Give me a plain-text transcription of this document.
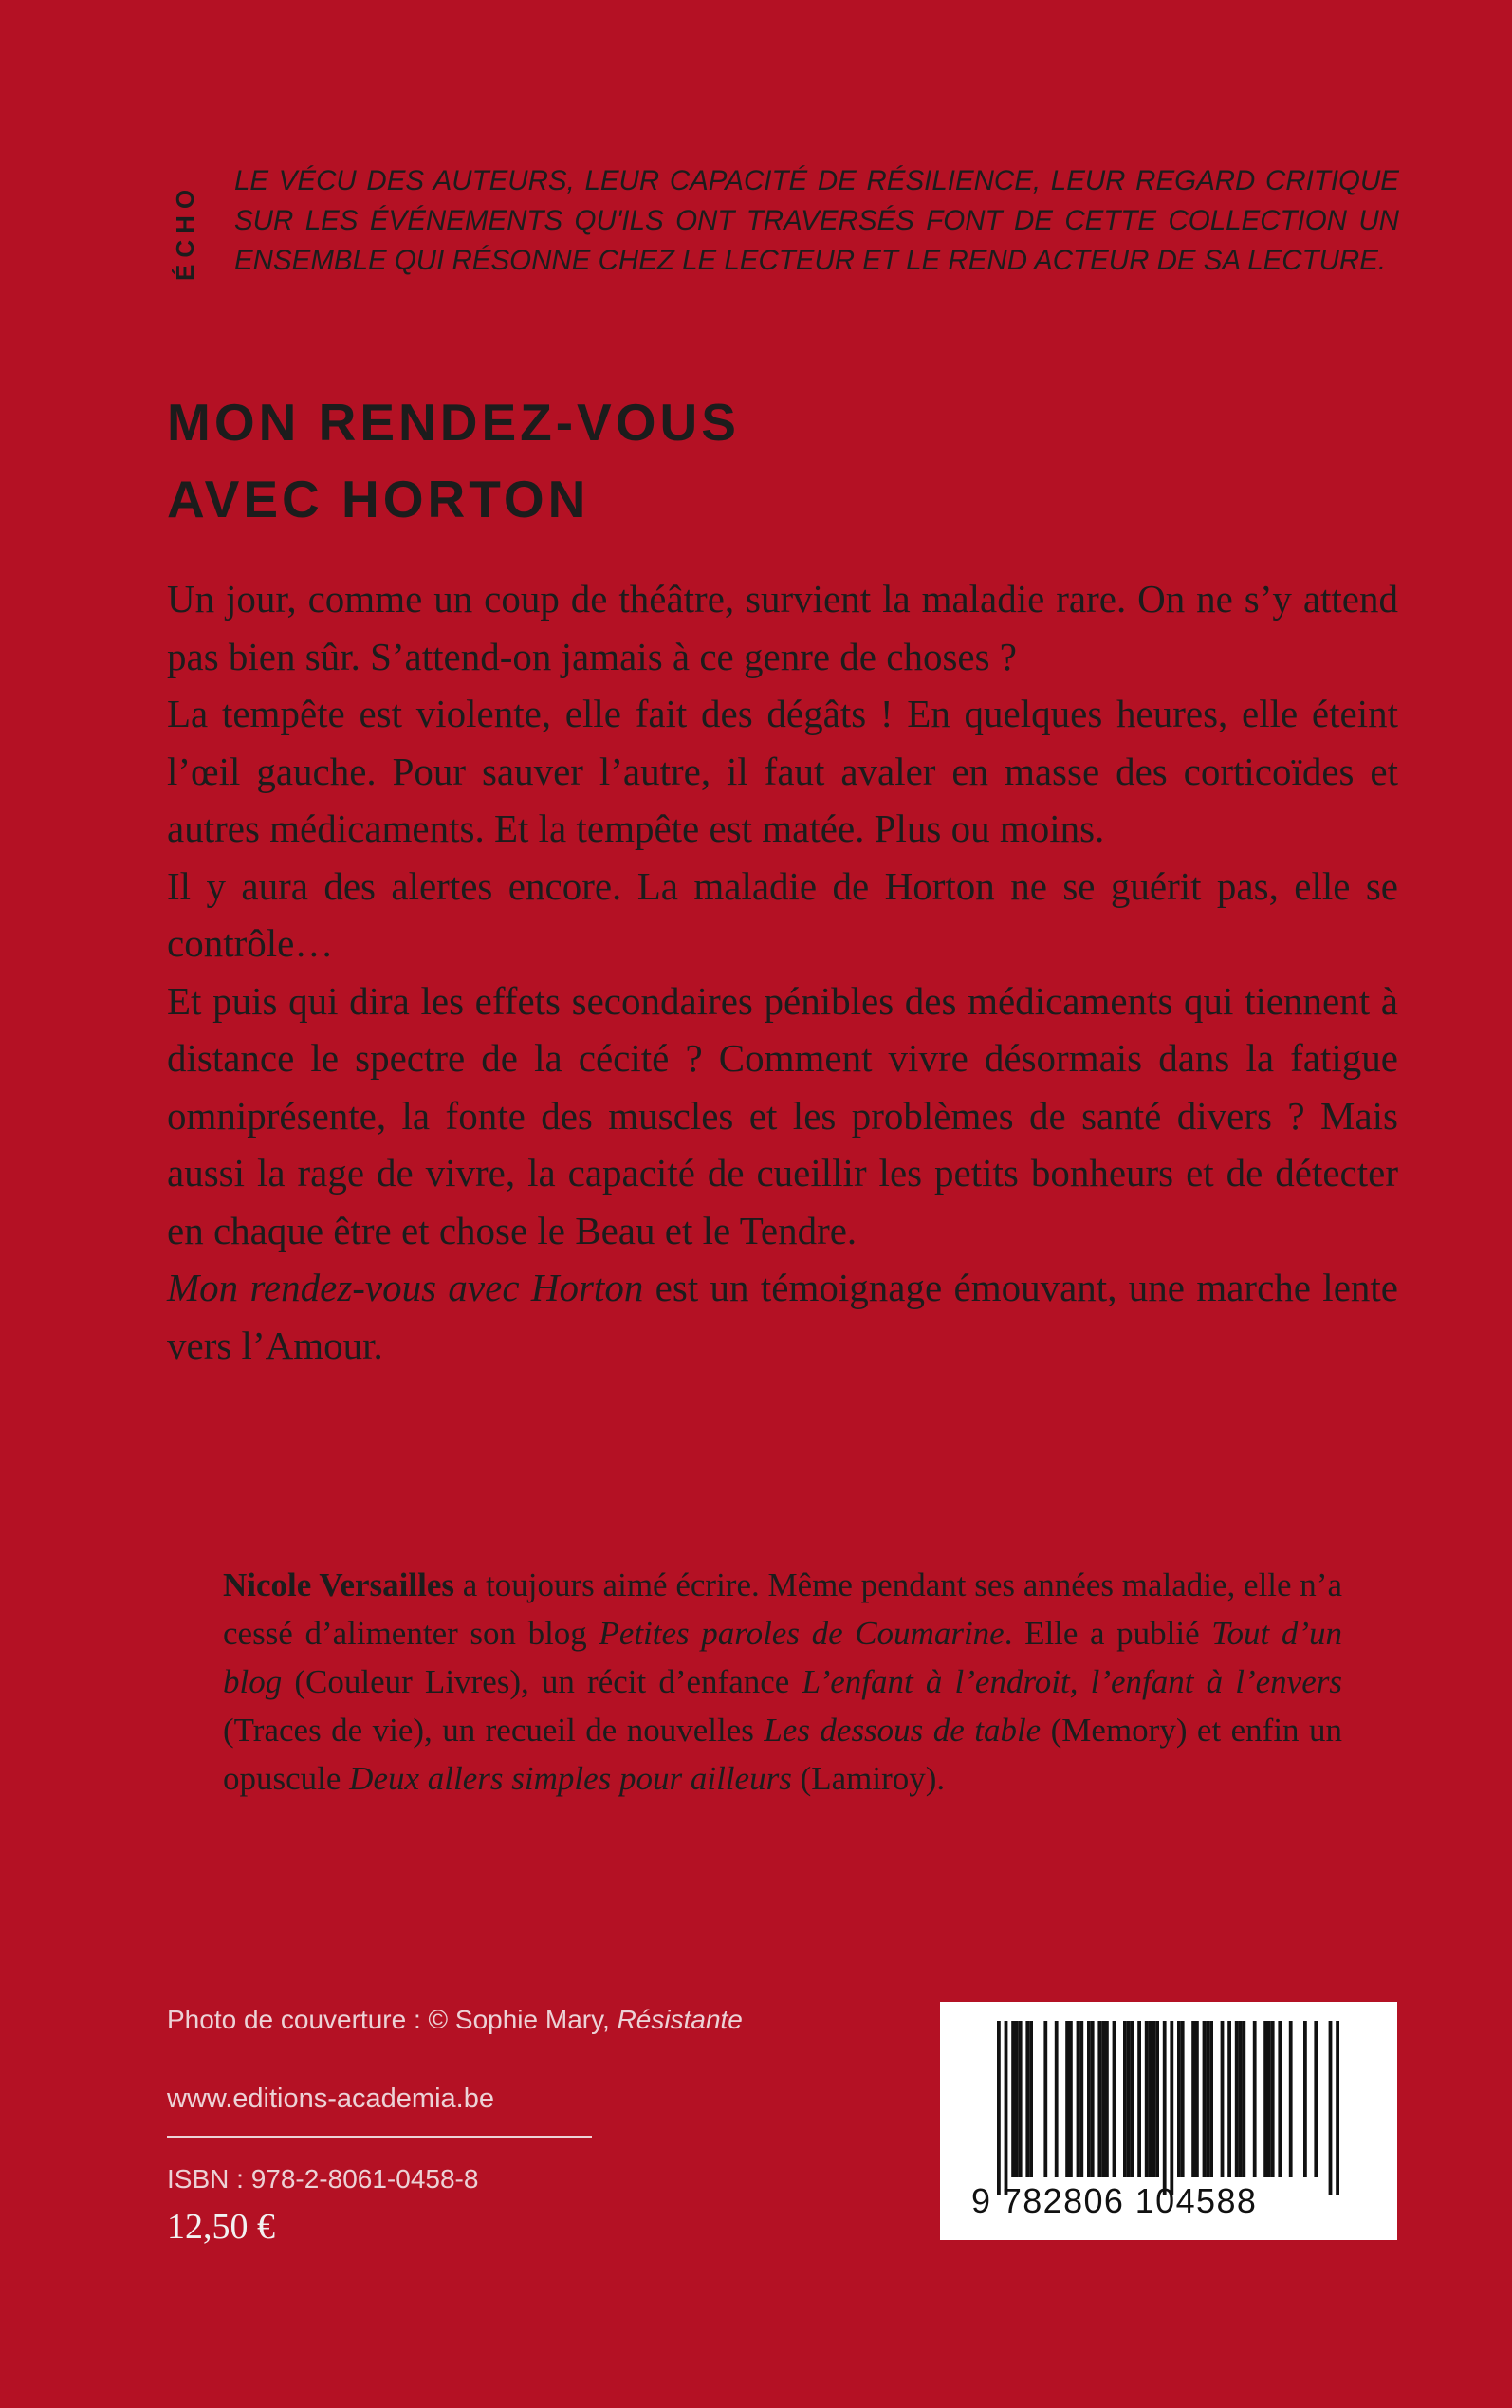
ÉCHO

LE VÉCU DES AUTEURS, LEUR CAPACITÉ DE RÉSILIENCE, LEUR REGARD CRITIQUE SUR LES ÉVÉNEMENTS QU'ILS ONT TRAVERSÉS FONT DE CETTE COLLECTION UN ENSEMBLE QUI RÉSONNE CHEZ LE LECTEUR ET LE REND ACTEUR DE SA LECTURE.

MON RENDEZ-VOUS
AVEC HORTON

Un jour, comme un coup de théâtre, survient la maladie rare. On ne s’y attend pas bien sûr. S’attend-on jamais à ce genre de choses ?

La tempête est violente, elle fait des dégâts ! En quelques heures, elle éteint l’œil gauche. Pour sauver l’autre, il faut avaler en masse des corticoïdes et autres médicaments. Et la tempête est matée. Plus ou moins.

Il y aura des alertes encore. La maladie de Horton ne se guérit pas, elle se contrôle…

Et puis qui dira les effets secondaires pénibles des médicaments qui tiennent à distance le spectre de la cécité ? Comment vivre désormais dans la fatigue omniprésente, la fonte des muscles et les problèmes de santé divers ? Mais aussi la rage de vivre, la capacité de cueillir les petits bonheurs et de détecter en chaque être et chose le Beau et le Tendre.

Mon rendez-vous avec Horton est un témoignage émouvant, une marche lente vers l’Amour.

Nicole Versailles a toujours aimé écrire. Même pendant ses années maladie, elle n’a cessé d’alimenter son blog Petites paroles de Coumarine. Elle a publié Tout d’un blog (Couleur Livres), un récit d’enfance L’enfant à l’endroit, l’enfant à l’envers (Traces de vie), un recueil de nouvelles Les dessous de table (Memory) et enfin un opuscule Deux allers simples pour ailleurs (Lamiroy).

Photo de couverture : © Sophie Mary, Résistante
www.editions-academia.be
ISBN : 978-2-8061-0458-8
12,50 €
9 782806 104588
